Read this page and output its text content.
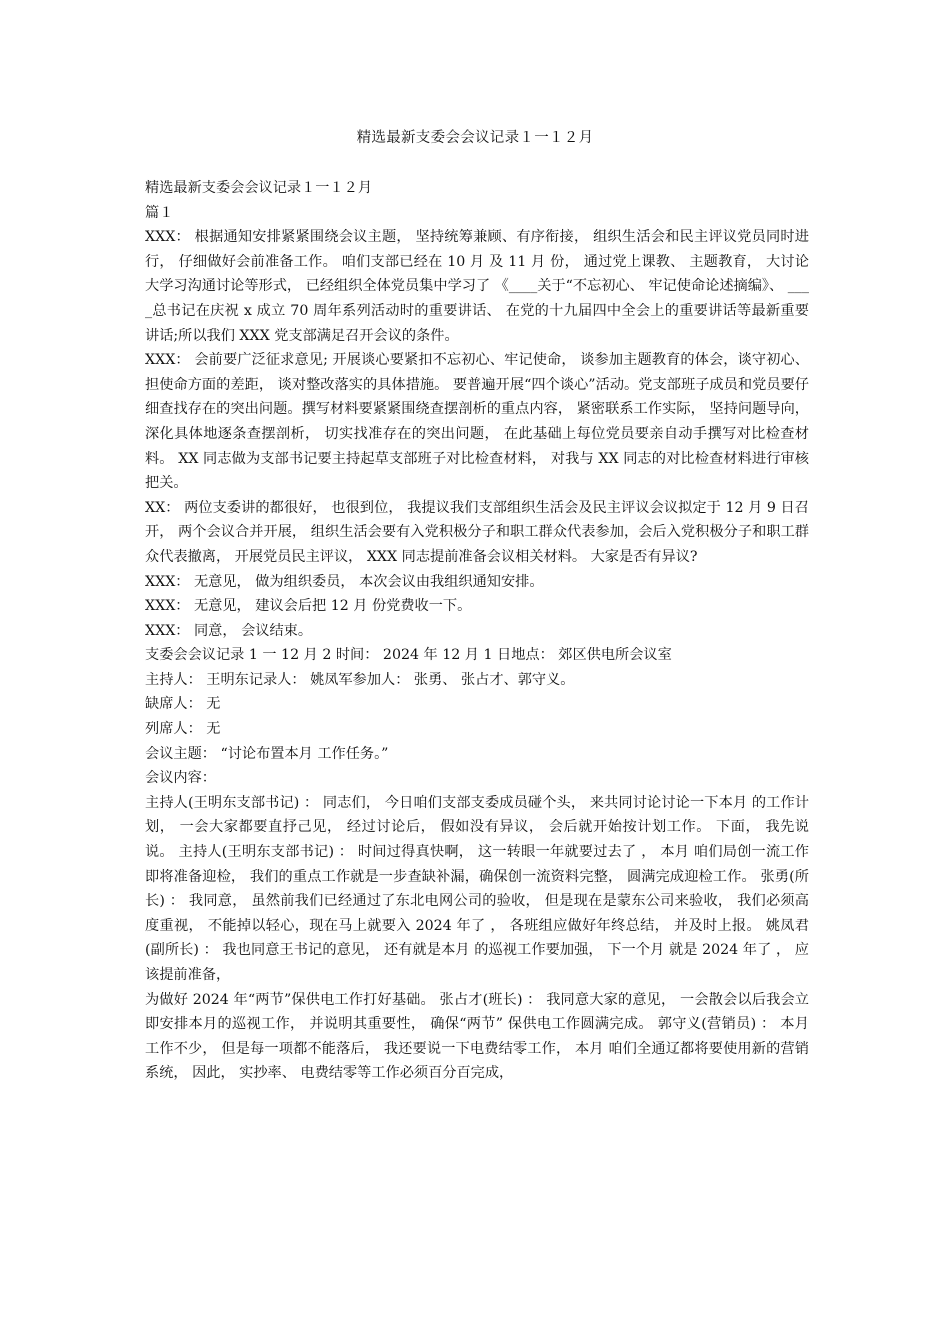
精选最新支委会会议记录１一１２月

精选最新支委会会议记录１一１２月

篇１

XXX： 根据通知安排紧紧围绕会议主题， 坚持统筹兼顾、有序衔接， 组织生活会和民主评议党员同时进行， 仔细做好会前准备工作。 咱们支部已经在 10 月 及 11 月 份， 通过党上课教、 主题教育， 大讨论大学习沟通讨论等形式， 已经组织全体党员集中学习了 《____关于“不忘初心、 牢记使命论述摘编》、 ____总书记在庆祝 x 成立 70 周年系列活动时的重要讲话、 在党的十九届四中全会上的重要讲话等最新重要讲话;所以我们 XXX 党支部满足召开会议的条件。

XXX： 会前要广泛征求意见; 开展谈心要紧扣不忘初心、牢记使命， 谈参加主题教育的体会，谈守初心、 担使命方面的差距， 谈对整改落实的具体措施。 要普遍开展“四个谈心”活动。党支部班子成员和党员要仔细查找存在的突出问题。撰写材料要紧紧围绕查摆剖析的重点内容， 紧密联系工作实际， 坚持问题导向， 深化具体地逐条查摆剖析， 切实找准存在的突出问题， 在此基础上每位党员要亲自动手撰写对比检查材料。 XX 同志做为支部书记要主持起草支部班子对比检查材料， 对我与 XX 同志的对比检查材料进行审核把关。

XX： 两位支委讲的都很好， 也很到位， 我提议我们支部组织生活会及民主评议会议拟定于 12 月 9 日召开， 两个会议合并开展， 组织生活会要有入党积极分子和职工群众代表参加，会后入党积极分子和职工群众代表撤离， 开展党员民主评议， XXX 同志提前准备会议相关材料。 大家是否有异议?

XXX： 无意见， 做为组织委员， 本次会议由我组织通知安排。

XXX： 无意见， 建议会后把 12 月 份党费收一下。

XXX： 同意， 会议结束。

支委会会议记录 1 一 12 月 2 时间： 2024 年 12 月 1 日地点： 郊区供电所会议室

主持人： 王明东记录人： 姚凤军参加人： 张勇、 张占才、郭守义。

缺席人： 无

列席人： 无

会议主题： “讨论布置本月 工作任务。”

会议内容：

主持人(王明东支部书记) ： 同志们， 今日咱们支部支委成员碰个头， 来共同讨论讨论一下本月 的工作计划， 一会大家都要直抒己见， 经过讨论后， 假如没有异议， 会后就开始按计划工作。 下面， 我先说说。 主持人(王明东支部书记) ： 时间过得真快啊， 这一转眼一年就要过去了 ， 本月 咱们局创一流工作即将准备迎检， 我们的重点工作就是一步查缺补漏，确保创一流资料完整， 圆满完成迎检工作。 张勇(所长) ： 我同意， 虽然前我们已经通过了东北电网公司的验收， 但是现在是蒙东公司来验收， 我们必须高度重视， 不能掉以轻心，现在马上就要入 2024 年了 ， 各班组应做好年终总结， 并及时上报。 姚凤君(副所长) ： 我也同意王书记的意见， 还有就是本月 的巡视工作要加强， 下一个月 就是 2024 年了 ， 应该提前准备，

为做好 2024 年“两节”保供电工作打好基础。 张占才(班长) ： 我同意大家的意见， 一会散会以后我会立即安排本月的巡视工作， 并说明其重要性， 确保“两节” 保供电工作圆满完成。 郭守义(营销员) ： 本月 工作不少， 但是每一项都不能落后， 我还要说一下电费结零工作， 本月 咱们全通辽都将要使用新的营销系统， 因此， 实抄率、 电费结零等工作必须百分百完成，
